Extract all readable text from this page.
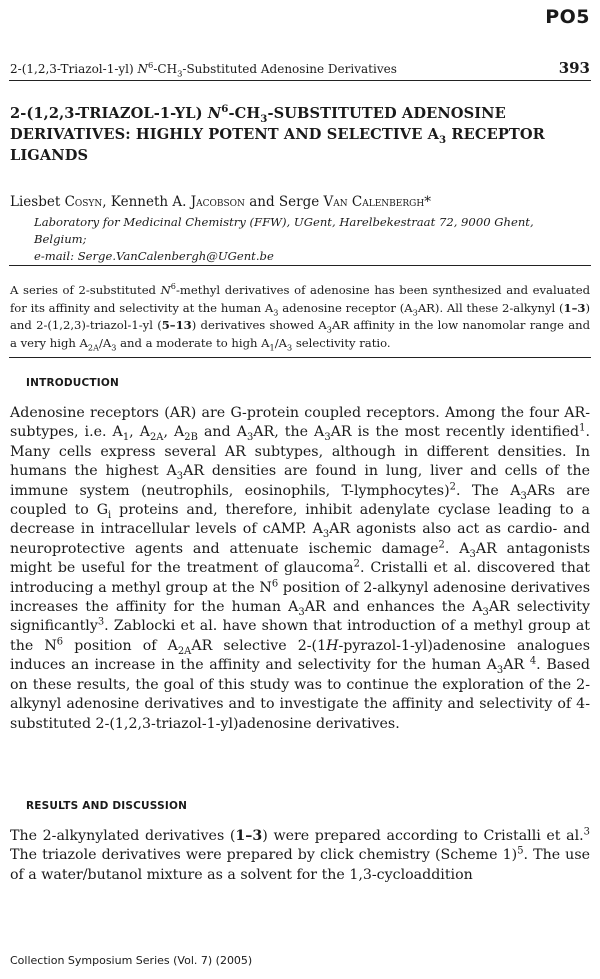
PO5
2-(1,2,3-Triazol-1-yl) $N^6-CH_3$-Substituted Adenosine Derivatives	393
2-(1,2,3-TRIAZOL-1-YL) $N^6-CH_3$-SUBSTITUTED ADENOSINE DERIVATIVES: HIGHLY POTENT AND SELECTIVE $A_3$ RECEPTOR LIGANDS
Liesbet Cosyn, Kenneth A. Jacobson and Serge Van Calenbergh*
Laboratory for Medicinal Chemistry (FFW), UGent, Harelbekestraat 72, 9000 Ghent, Belgium;
e-mail: Serge.VanCalenbergh@UGent.be
A series of 2-substituted $N^6$-methyl derivatives of adenosine has been synthesized and evaluated for its affinity and selectivity at the human $A_3$ adenosine receptor $(A_3AR)$. All these 2-alkynyl (1–3) and 2-(1,2,3)-triazol-1-yl (5–13) derivatives showed $A_3AR$ affinity in the low nanomolar range and a very high $A_{2A}/A_3$ and a moderate to high $A_1/A_3$ selectivity ratio.
INTRODUCTION
Adenosine receptors (AR) are G-protein coupled receptors. Among the four AR-subtypes, i.e. $A_1$, $A_{2A}$, $A_{2B}$ and $A_3AR$, the $A_3AR$ is the most recently identified$^1$. Many cells express several AR subtypes, although in different densities. In humans the highest $A_3AR$ densities are found in lung, liver and cells of the immune system (neutrophils, eosinophils, T-lymphocytes)$^2$. The $A_3ARs$ are coupled to $G_i$ proteins and, therefore, inhibit adenylate cyclase leading to a decrease in intracellular levels of cAMP. $A_3AR$ agonists also act as cardio- and neuroprotective agents and attenuate ischemic damage$^2$. $A_3AR$ antagonists might be useful for the treatment of glaucoma$^2$. Cristalli et al. discovered that introducing a methyl group at the $N^6$ position of 2-alkynyl adenosine derivatives increases the affinity for the human $A_3AR$ and enhances the $A_3AR$ selectivity significantly$^3$. Zablocki et al. have shown that introduction of a methyl group at the $N^6$ position of $A_{2A}AR$ selective 2-(1H-pyrazol-1-yl)adenosine analogues induces an increase in the affinity and selectivity for the human $A_3AR$ $^4$. Based on these results, the goal of this study was to continue the exploration of the 2-alkynyl adenosine derivatives and to investigate the affinity and selectivity of 4-substituted 2-(1,2,3-triazol-1-yl)adenosine derivatives.
RESULTS AND DISCUSSION
The 2-alkynylated derivatives (1–3) were prepared according to Cristalli et al.$^3$ The triazole derivatives were prepared by click chemistry (Scheme 1)$^5$. The use of a water/butanol mixture as a solvent for the 1,3-cycloaddition
Collection Symposium Series (Vol. 7) (2005)
